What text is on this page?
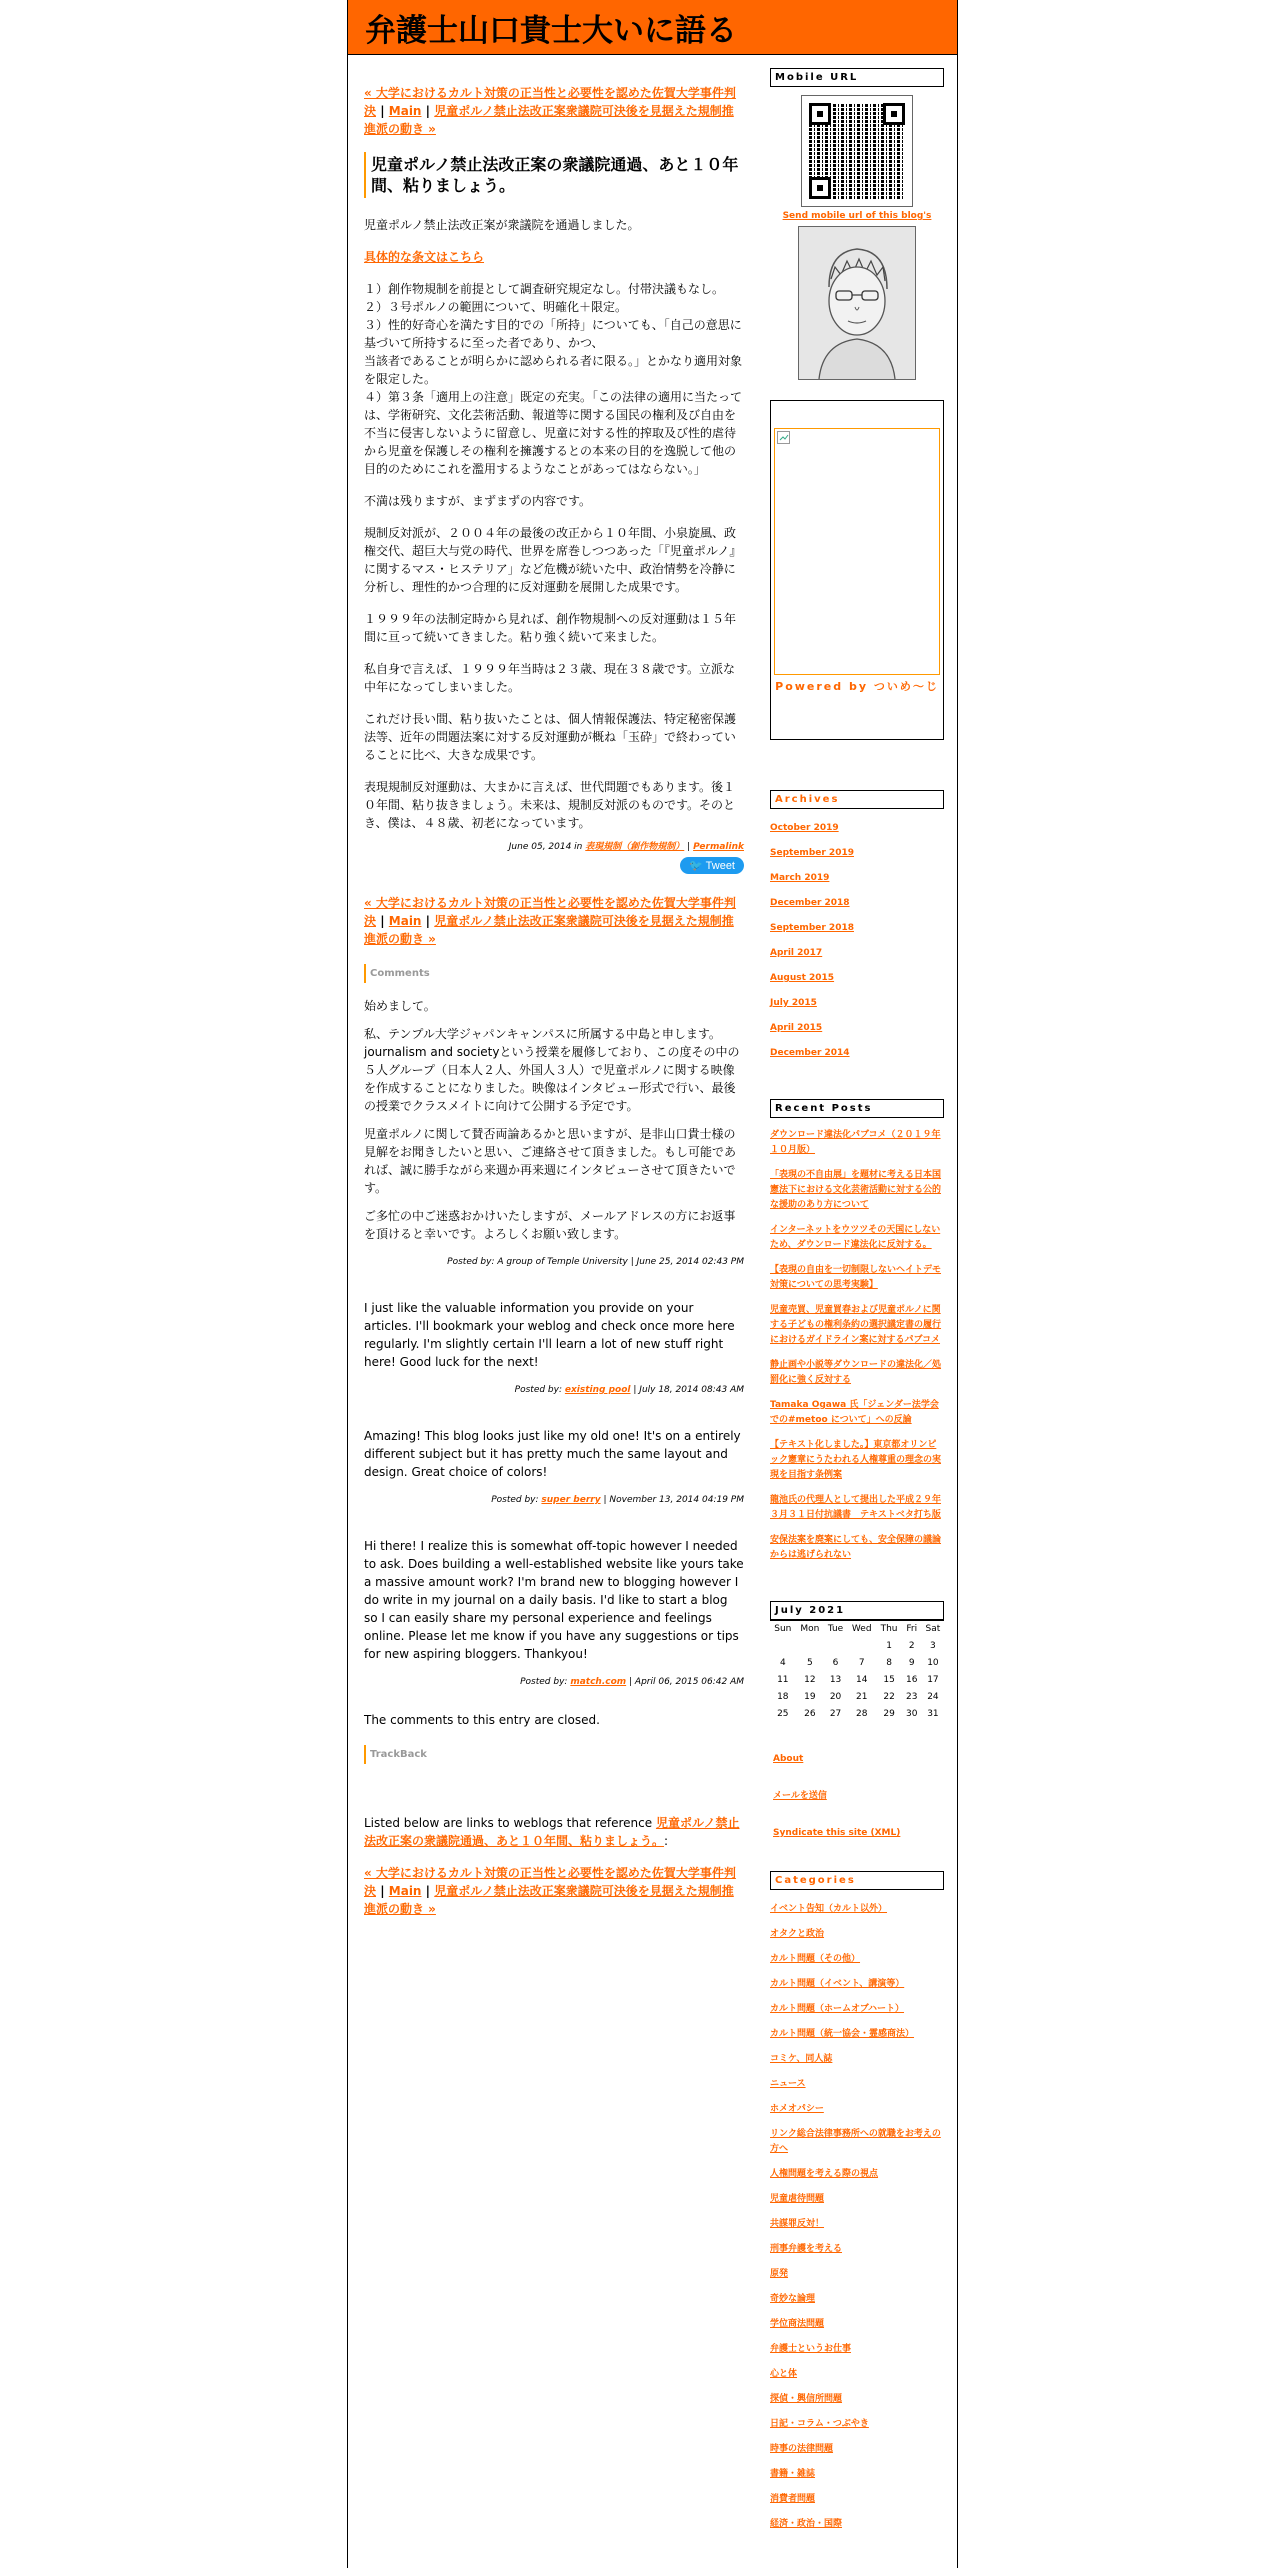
弁護士山口貴士大いに語る
« 大学におけるカルト対策の正当性と必要性を認めた佐賀大学事件判決 | Main | 児童ポルノ禁止法改正案衆議院可決後を見据えた規制推進派の動き »
児童ポルノ禁止法改正案の衆議院通過、あと１０年間、粘りましょう。
児童ポルノ禁止法改正案が衆議院を通過しました。
具体的な条文はこちら
１）創作物規制を前提として調査研究規定なし。付帯決議もなし。
２）３号ポルノの範囲について、明確化＋限定。
３）性的好奇心を満たす目的での「所持」についても、「自己の意思に基づいて所持するに至った者であり、かつ、
当該者であることが明らかに認められる者に限る。」とかなり適用対象を限定した。
４）第３条「適用上の注意」既定の充実。「この法律の適用に当たっては、学術研究、文化芸術活動、報道等に関する国民の権利及び自由を不当に侵害しないように留意し、児童に対する性的搾取及び性的虐待から児童を保護しその権利を擁護するとの本来の目的を逸脱して他の目的のためにこれを濫用するようなことがあってはならない。」
不満は残りますが、まずまずの内容です。
規制反対派が、２００４年の最後の改正から１０年間、小泉旋風、政権交代、超巨大与党の時代、世界を席巻しつつあった「『児童ポルノ』に関するマス・ヒステリア」など危機が続いた中、政治情勢を冷静に分析し、理性的かつ合理的に反対運動を展開した成果です。
１９９９年の法制定時から見れば、創作物規制への反対運動は１５年間に亘って続いてきました。粘り強く続いて来ました。
私自身で言えば、１９９９年当時は２３歳、現在３８歳です。立派な中年になってしまいました。
これだけ長い間、粘り抜いたことは、個人情報保護法、特定秘密保護法等、近年の問題法案に対する反対運動が概ね「玉砕」で終わっていることに比べ、大きな成果です。
表現規制反対運動は、大まかに言えば、世代問題でもあります。後１０年間、粘り抜きましょう。未来は、規制反対派のものです。そのとき、僕は、４８歳、初老になっています。
June 05, 2014 in 表現規制（創作物規制） | Permalink
🐦 Tweet
« 大学におけるカルト対策の正当性と必要性を認めた佐賀大学事件判決 | Main | 児童ポルノ禁止法改正案衆議院可決後を見据えた規制推進派の動き »
Comments
始めまして。
私、テンプル大学ジャパンキャンパスに所属する中島と申します。journalism and societyという授業を履修しており、この度その中の５人グループ（日本人２人、外国人３人）で児童ポルノに関する映像を作成することになりました。映像はインタビュー形式で行い、最後の授業でクラスメイトに向けて公開する予定です。
児童ポルノに関して賛否両論あるかと思いますが、是非山口貴士様の見解をお聞きしたいと思い、ご連絡させて頂きました。もし可能であれば、誠に勝手ながら来週か再来週にインタビューさせて頂きたいです。
ご多忙の中ご迷惑おかけいたしますが、メールアドレスの方にお返事を頂けると幸いです。よろしくお願い致します。
Posted by: A group of Temple University | June 25, 2014 02:43 PM
I just like the valuable information you provide on your articles. I'll bookmark your weblog and check once more here regularly. I'm slightly certain I'll learn a lot of new stuff right here! Good luck for the next!
Posted by: existing pool | July 18, 2014 08:43 AM
Amazing! This blog looks just like my old one! It's on a entirely different subject but it has pretty much the same layout and design. Great choice of colors!
Posted by: super berry | November 13, 2014 04:19 PM
Hi there! I realize this is somewhat off-topic however I needed to ask. Does building a well-established website like yours take a massive amount work? I'm brand new to blogging however I do write in my journal on a daily basis. I'd like to start a blog so I can easily share my personal experience and feelings online. Please let me know if you have any suggestions or tips for new aspiring bloggers. Thankyou!
Posted by: match.com | April 06, 2015 06:42 AM
The comments to this entry are closed.
TrackBack
Listed below are links to weblogs that reference 児童ポルノ禁止法改正案の衆議院通過、あと１０年間、粘りましょう。:
« 大学におけるカルト対策の正当性と必要性を認めた佐賀大学事件判決 | Main | 児童ポルノ禁止法改正案衆議院可決後を見据えた規制推進派の動き »
Mobile URL
Send mobile url of this blog's
Powered by ついめ〜じ
Archives
October 2019
September 2019
March 2019
December 2018
September 2018
April 2017
August 2015
July 2015
April 2015
December 2014
Recent Posts
ダウンロード違法化パブコメ（２０１９年１０月版）
「表現の不自由展」を題材に考える日本国憲法下における文化芸術活動に対する公的な援助のあり方について
インターネットをウツツその天国にしないため、ダウンロード違法化に反対する。
【表現の自由を一切制限しないヘイトデモ対策についての思考実験】
児童売買、児童買春および児童ポルノに関する子どもの権利条約の選択議定書の履行におけるガイドライン案に対するパブコメ
静止画や小説等ダウンロードの違法化／処罰化に強く反対する
Tamaka Ogawa 氏「ジェンダー法学会での#metoo について」への反論
【テキスト化しました。】東京都オリンピック憲章にうたわれる人権尊重の理念の実現を目指す条例案
龍池氏の代理人として提出した平成２９年３月３１日付抗議書　テキストベタ打ち版
安保法案を廃案にしても、安全保障の議論からは逃げられない
July 2021
Sun	Mon	Tue	Wed	Thu	Fri	Sat
				1	2	3
4	5	6	7	8	9	10
11	12	13	14	15	16	17
18	19	20	21	22	23	24
25	26	27	28	29	30	31
About
メールを送信
Syndicate this site (XML)
Categories
イベント告知（カルト以外）
オタクと政治
カルト問題（その他）
カルト問題（イベント、講演等）
カルト問題（ホームオブハート）
カルト問題（統一協会・霊感商法）
コミケ、同人誌
ニュース
ホメオパシー
リンク総合法律事務所への就職をお考えの方へ
人権問題を考える際の視点
児童虐待問題
共謀罪反対！
刑事弁護を考える
原発
奇妙な論理
学位商法問題
弁護士というお仕事
心と体
探偵・興信所問題
日記・コラム・つぶやき
時事の法律問題
書籍・雑誌
消費者問題
経済・政治・国際
